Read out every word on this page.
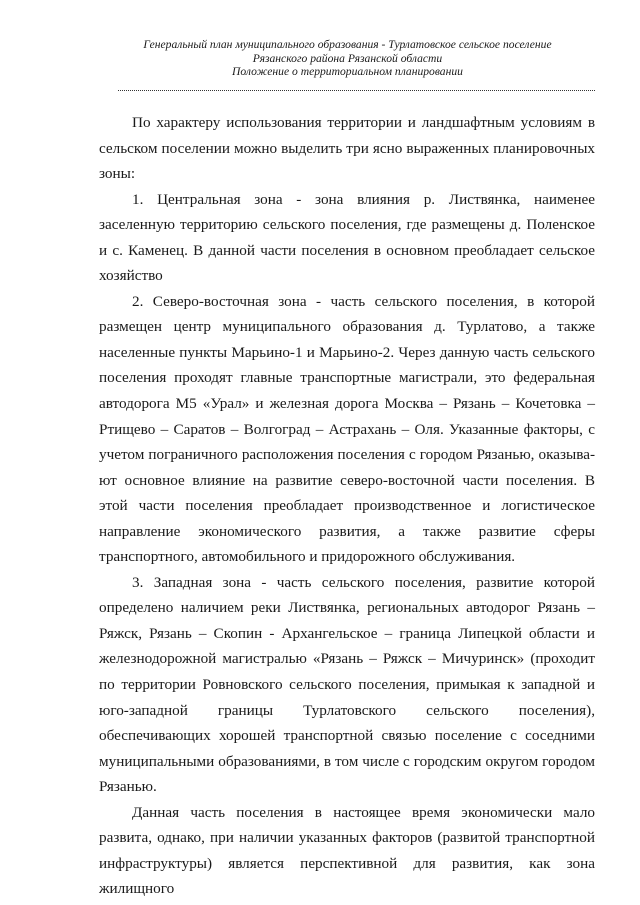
Генеральный план муниципального образования - Турлатовское сельское поселение
Рязанского района Рязанской области
Положение о территориальном планировании

По характеру использования территории и ландшафтным условиям в сельском поселении можно выделить три ясно выраженных планировочных зоны:

1. Центральная зона - зона влияния р. Листвянка, наименее заселенную территорию сельского поселения, где размещены д. Поленское и с. Каменец. В данной части поселения в основном преобладает сельское хозяйство

2. Северо-восточная зона - часть сельского поселения, в которой размещен центр муниципального образования д. Турлатово, а также населенные пункты Марьино-1 и Марьино-2. Через данную часть сельского поселения проходят главные транспортные магистрали, это федеральная автодорога М5 «Урал» и железная дорога Москва – Рязань – Кочетовка – Ртищево – Саратов – Волгоград – Астрахань – Оля. Указанные факторы, с учетом пограничного расположения поселения с городом Рязанью, оказывают основное влияние на развитие северо-восточной части поселения. В этой части поселения преобладает производственное и логистическое направление экономического развития, а также развитие сферы транспортного, автомобильного и придорожного обслуживания.

3. Западная зона - часть сельского поселения, развитие которой определено наличием реки Листвянка, региональных автодорог Рязань – Ряжск, Рязань – Скопин - Архангельское – граница Липецкой области и железнодорожной магистралью «Рязань – Ряжск – Мичуринск» (проходит по территории Ровновского сельского поселения, примыкая к западной и юго-западной границы Турлатовского сельского поселения), обеспечивающих хорошей транспортной связью поселение с соседними муниципальными образованиями, в том числе с городским округом городом Рязанью.

Данная часть поселения в настоящее время экономически мало развита, однако, при наличии указанных факторов (развитой транспортной инфраструктуры) является перспективной для развития, как зона жилищного
